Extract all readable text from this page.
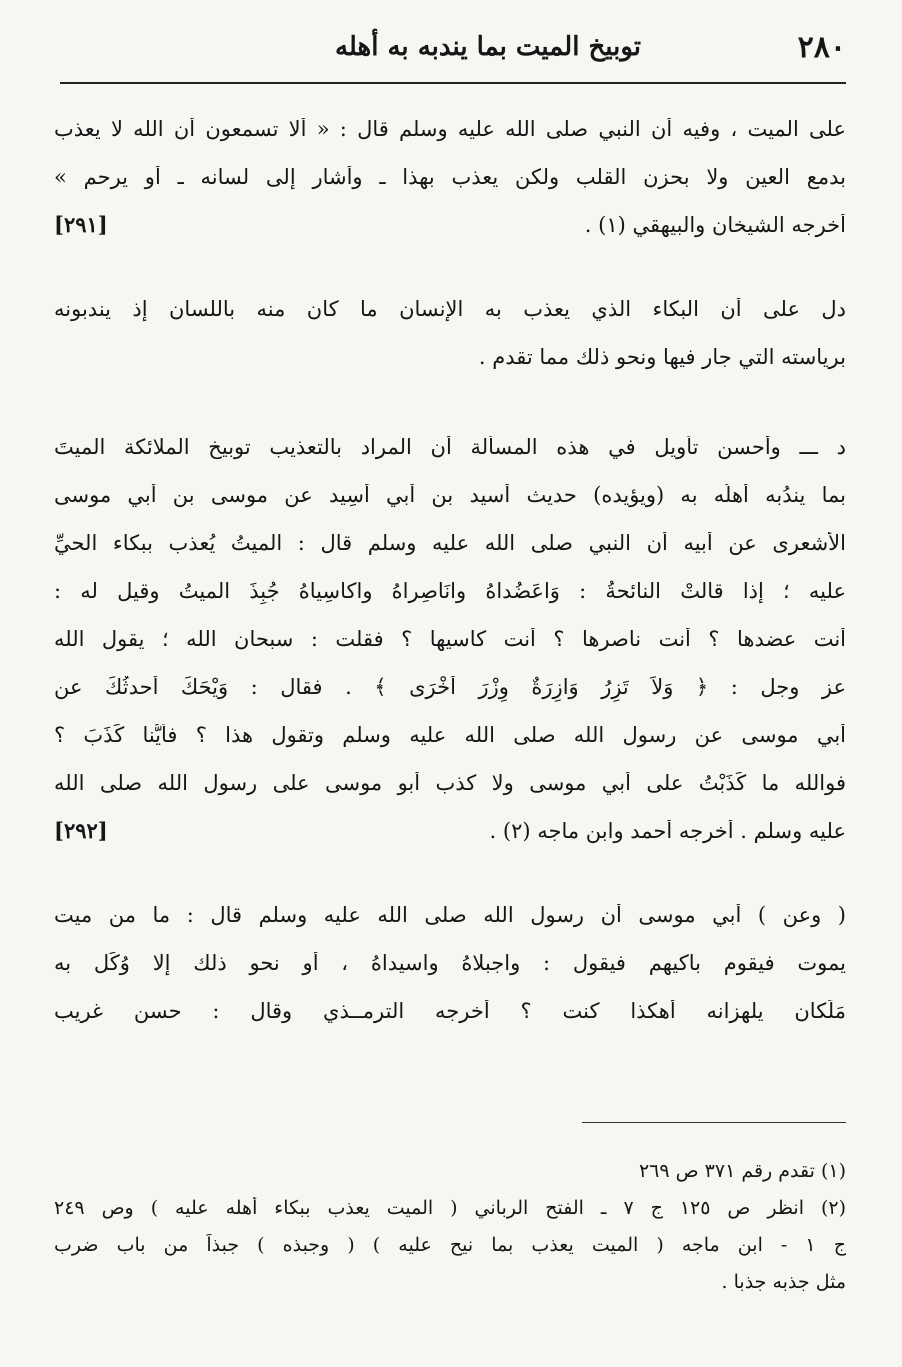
٢٨٠
توبيخ الميت بما يندبه به أهله
على الميت ، وفيه أن النبي صلى الله عليه وسلم قال : « ألا تسمعون أن الله لا يعذب
بدمع العين ولا بحزن القلب ولكن يعذب بهذا ـ وأشار إلى لسانه ـ أو يرحم »
أخرجه الشيخان والبيهقي (١) .
[٢٩١]
دل على أن البكاء الذي يعذب به الإنسان ما كان منه باللسان إذ يندبونه
برياسته التي جار فيها ونحو ذلك مما تقدم .
د ـــ وأحسن تأويل في هذه المسألة أن المراد بالتعذيب توبيخ الملائكة الميتَ
بما يندُبه أهلُه به (ويؤيده) حديث أسيد بن أبي أَسِيد عن موسى بن أبي موسى
الأشعرى عن أبيه أن النبي صلى الله عليه وسلم قال : الميتُ يُعذب ببكاء الحيِّ
عليه ؛ إذا قالتْ النائحةُ : وَاعَضُداهُ وانَاصِراهُ واكاسِياهُ جُبِذَ الميتُ وقيل له :
أنت عضدها ؟ أنت ناصرها ؟ أنت كاسيها ؟ فقلت : سبحان الله ؛ يقول الله
عز وجل : ﴿ وَلاَ تَزِرُ وَازِرَةٌ وِزْرَ أُخْرَى ﴾ . فقال : وَيْحَكَ أحدثُكَ عن
أبي موسى عن رسول الله صلى الله عليه وسلم وتقول هذا ؟ فأيُّنا كَذَبَ ؟
فوالله ما كَذَبْتُ على أبي موسى ولا كذب أبو موسى على رسول الله صلى الله
عليه وسلم . أخرجه أحمد وابن ماجه (٢) .
[٢٩٢]
( وعن ) أبي موسى أن رسول الله صلى الله عليه وسلم قال : ما من ميت
يموت فيقوم باكيهم فيقول : واجبلاهُ واسيداهُ ، أو نحو ذلك إلا وُكِّل به
مَلَكان يلهزانه أهكذا كنت ؟ أخرجه الترمــذي وقال : حسن غريب
(١) تقدم رقم ٣٧١ ص ٢٦٩
(٢) انظر ص ١٢٥ ج ٧ ـ الفتح الرباني ( الميت يعذب ببكاء أهله عليه ) وص ٢٤٩
ج ١ - ابن ماجه ( الميت يعذب بما نيح عليه ) ( وجبذه ) جبذاً من باب ضرب
مثل جذبه جذبا .
